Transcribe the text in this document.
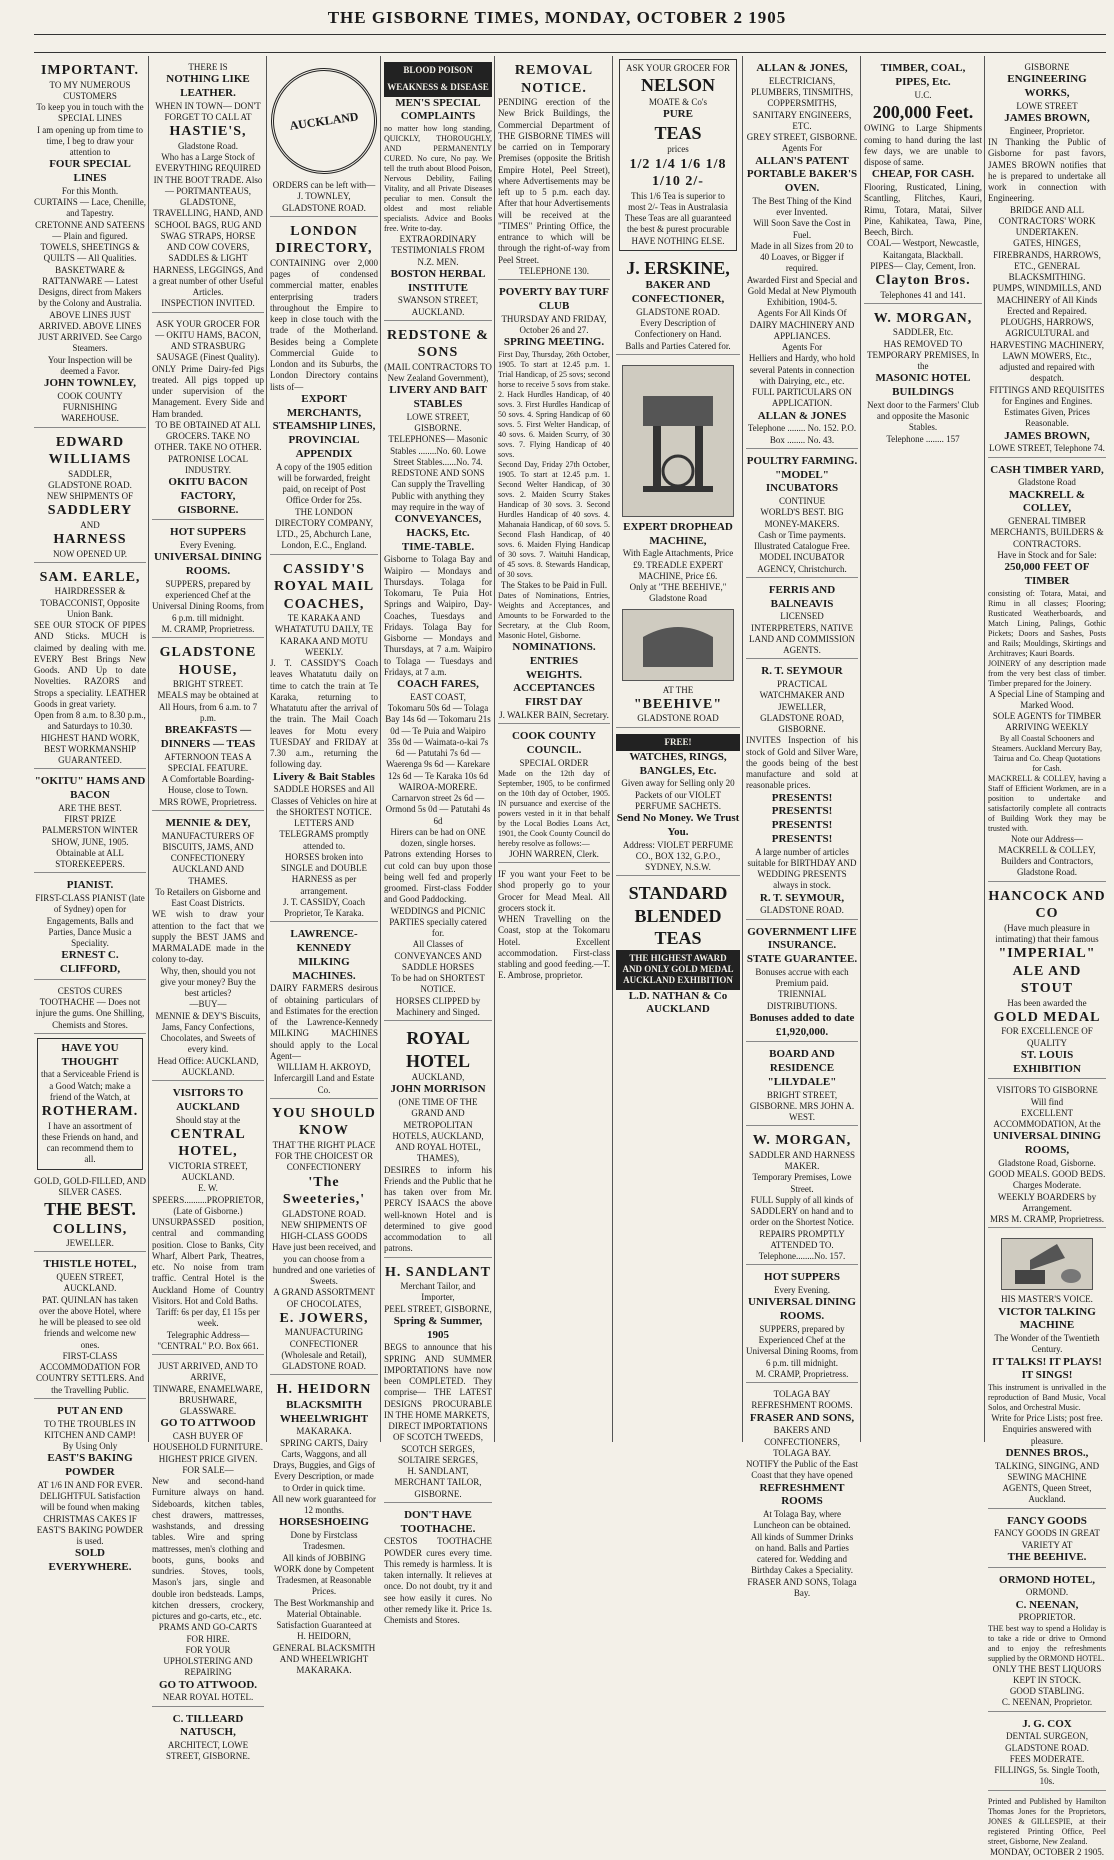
THE GISBORNE TIMES, MONDAY, OCTOBER 2 1905
IMPORTANT.
TO MY NUMEROUS CUSTOMERS
To keep you in touch with the SPECIAL LINES
I am opening up from time to time, I beg to draw your attention to
FOUR SPECIAL LINES
For this Month.
CURTAINS — Lace, Chenille, and Tapestry.
CRETONNE AND SATEENS — Plain and figured.
TOWELS, SHEETINGS & QUILTS — All Qualities.
BASKETWARE & RATTANWARE — Latest Designs, direct from Makers by the Colony and Australia.
ABOVE LINES JUST ARRIVED. ABOVE LINES JUST ARRIVED. See Cargo Steamers.
Your Inspection will be deemed a Favor.
JOHN TOWNLEY,
COOK COUNTY FURNISHING WAREHOUSE.
EDWARD WILLIAMS
SADDLER,
GLADSTONE ROAD.
NEW SHIPMENTS OF
SADDLERY
AND
HARNESS
NOW OPENED UP.
SAM. EARLE,
HAIRDRESSER & TOBACCONIST, Opposite Union Bank.
SEE OUR STOCK OF PIPES AND Sticks. MUCH is claimed by dealing with me. EVERY Best Brings New Goods. AND Up to date Novelties. RAZORS and Strops a speciality. LEATHER Goods in great variety.
Open from 8 a.m. to 8.30 p.m., and Saturdays to 10.30.
HIGHEST HAND WORK, BEST WORKMANSHIP GUARANTEED.
"OKITU" HAMS AND BACON
ARE THE BEST.
FIRST PRIZE PALMERSTON WINTER SHOW, JUNE, 1905.
Obtainable at ALL STOREKEEPERS.
PIANIST.
FIRST-CLASS PIANIST (late of Sydney) open for Engagements, Balls and Parties, Dance Music a Speciality.
ERNEST C. CLIFFORD,
CESTOS CURES TOOTHACHE — Does not injure the gums. One Shilling, Chemists and Stores.
HAVE YOU THOUGHT
that a Serviceable Friend is a Good Watch; make a friend of the Watch, at
ROTHERAM.
I have an assortment of these Friends on hand, and can recommend them to all.
GOLD, GOLD-FILLED, AND SILVER CASES.
THE BEST.
COLLINS,
JEWELLER.
THISTLE HOTEL,
QUEEN STREET, AUCKLAND.
PAT. QUINLAN has taken over the above Hotel, where he will be pleased to see old friends and welcome new ones.
FIRST-CLASS ACCOMMODATION FOR COUNTRY SETTLERS. And the Travelling Public.
PUT AN END
TO THE TROUBLES IN KITCHEN AND CAMP!
By Using Only
EAST'S BAKING POWDER
AT 1/6 IN AND FOR EVER.
DELIGHTFUL Satisfaction will be found when making CHRISTMAS CAKES IF EAST'S BAKING POWDER is used.
SOLD EVERYWHERE.
THERE IS
NOTHING LIKE LEATHER.
WHEN IN TOWN— DON'T FORGET TO CALL AT
HASTIE'S,
Gladstone Road.
Who has a Large Stock of EVERYTHING REQUIRED IN THE BOOT TRADE. Also— PORTMANTEAUS, GLADSTONE, TRAVELLING, HAND, AND SCHOOL BAGS, RUG AND SWAG STRAPS, HORSE AND COW COVERS, SADDLES & LIGHT HARNESS, LEGGINGS, And a great number of other Useful Articles.
INSPECTION INVITED.
ASK YOUR GROCER FOR— OKITU HAMS, BACON, AND STRASBURG SAUSAGE (Finest Quality).
ONLY Prime Dairy-fed Pigs treated. All pigs topped up under supervision of the Management. Every Side and Ham branded.
TO BE OBTAINED AT ALL GROCERS. TAKE NO OTHER. TAKE NO OTHER.
PATRONISE LOCAL INDUSTRY.
OKITU BACON FACTORY, GISBORNE.
HOT SUPPERS
Every Evening.
UNIVERSAL DINING ROOMS.
SUPPERS, prepared by experienced Chef at the Universal Dining Rooms, from 6 p.m. till midnight.
M. CRAMP, Proprietress.
GLADSTONE HOUSE,
BRIGHT STREET.
MEALS may be obtained at All Hours, from 6 a.m. to 7 p.m.
BREAKFASTS — DINNERS — TEAS
AFTERNOON TEAS A SPECIAL FEATURE.
A Comfortable Boarding-House, close to Town.
MRS ROWE, Proprietress.
MENNIE & DEY,
MANUFACTURERS OF BISCUITS, JAMS, AND CONFECTIONERY
AUCKLAND AND THAMES.
To Retailers on Gisborne and East Coast Districts.
WE wish to draw your attention to the fact that we supply the BEST JAMS and MARMALADE made in the colony to-day.
Why, then, should you not give your money? Buy the best articles?
—BUY—
MENNIE & DEY'S Biscuits, Jams, Fancy Confections, Chocolates, and Sweets of every kind.
Head Office: AUCKLAND, AUCKLAND.
VISITORS TO AUCKLAND
Should stay at the
CENTRAL HOTEL,
VICTORIA STREET, AUCKLAND.
E. W. SPEERS..........PROPRIETOR, (Late of Gisborne.)
UNSURPASSED position, central and commanding position. Close to Banks, City Wharf, Albert Park, Theatres, etc. No noise from tram traffic. Central Hotel is the Auckland Home of Country Visitors. Hot and Cold Baths.
Tariff: 6s per day, £1 15s per week.
Telegraphic Address— "CENTRAL" P.O. Box 661.
JUST ARRIVED, AND TO ARRIVE,
TINWARE, ENAMELWARE, BRUSHWARE, GLASSWARE.
GO TO ATTWOOD
CASH BUYER OF HOUSEHOLD FURNITURE.
HIGHEST PRICE GIVEN.
FOR SALE—
New and second-hand Furniture always on hand. Sideboards, kitchen tables, chest drawers, mattresses, washstands, and dressing tables. Wire and spring mattresses, men's clothing and boots, guns, books and sundries. Stoves, tools, Mason's jars, single and double iron bedsteads. Lamps, kitchen dressers, crockery, pictures and go-carts, etc., etc.
PRAMS AND GO-CARTS FOR HIRE.
FOR YOUR UPHOLSTERING AND REPAIRING
GO TO ATTWOOD.
NEAR ROYAL HOTEL.
C. TILLEARD NATUSCH,
ARCHITECT, LOWE STREET, GISBORNE.
AUCKLAND
ORDERS can be left with— J. TOWNLEY, GLADSTONE ROAD.
LONDON DIRECTORY,
CONTAINING over 2,000 pages of condensed commercial matter, enables enterprising traders throughout the Empire to keep in close touch with the trade of the Motherland. Besides being a Complete Commercial Guide to London and its Suburbs, the London Directory contains lists of—
EXPORT MERCHANTS,
STEAMSHIP LINES,
PROVINCIAL APPENDIX
A copy of the 1905 edition will be forwarded, freight paid, on receipt of Post Office Order for 25s.
THE LONDON DIRECTORY COMPANY, LTD., 25, Abchurch Lane, London, E.C., England.
CASSIDY'S ROYAL MAIL COACHES,
TE KARAKA AND WHATATUTU DAILY, TE KARAKA AND MOTU WEEKLY.
J. T. CASSIDY'S Coach leaves Whatatutu daily on time to catch the train at Te Karaka, returning to Whatatutu after the arrival of the train. The Mail Coach leaves for Motu every TUESDAY and FRIDAY at 7.30 a.m., returning the following day.
Livery & Bait Stables
SADDLE HORSES and All Classes of Vehicles on hire at the SHORTEST NOTICE.
LETTERS AND TELEGRAMS promptly attended to.
HORSES broken into SINGLE and DOUBLE HARNESS as per arrangement.
J. T. CASSIDY, Coach Proprietor, Te Karaka.
LAWRENCE-KENNEDY MILKING MACHINES.
DAIRY FARMERS desirous of obtaining particulars of and Estimates for the erection of the Lawrence-Kennedy MILKING MACHINES should apply to the Local Agent—
WILLIAM H. AKROYD, Infercargill Land and Estate Co.
YOU SHOULD KNOW
THAT THE RIGHT PLACE FOR THE CHOICEST OR CONFECTIONERY
'The Sweeteries,'
GLADSTONE ROAD.
NEW SHIPMENTS OF HIGH-CLASS GOODS
Have just been received, and you can choose from a hundred and one varieties of Sweets.
A GRAND ASSORTMENT OF CHOCOLATES,
E. JOWERS,
MANUFACTURING CONFECTIONER (Wholesale and Retail), GLADSTONE ROAD.
H. HEIDORN
BLACKSMITH
WHEELWRIGHT
MAKARAKA.
SPRING CARTS, Dairy Carts, Waggons, and all Drays, Buggies, and Gigs of Every Description, or made to Order in quick time.
All new work guaranteed for 12 months.
HORSESHOEING
Done by Firstclass Tradesmen.
All kinds of JOBBING WORK done by Competent Tradesmen, at Reasonable Prices.
The Best Workmanship and Material Obtainable. Satisfaction Guaranteed at
H. HEIDORN,
GENERAL BLACKSMITH AND WHEELWRIGHT MAKARAKA.
BLOOD POISON
WEAKNESS & DISEASE
MEN'S SPECIAL COMPLAINTS
no matter how long standing, QUICKLY, THOROUGHLY, AND PERMANENTLY CURED. No cure, No pay. We tell the truth about Blood Poison, Nervous Debility, Failing Vitality, and all Private Diseases peculiar to men. Consult the oldest and most reliable specialists. Advice and Books free. Write to-day.
EXTRAORDINARY TESTIMONIALS FROM N.Z. MEN.
BOSTON HERBAL INSTITUTE
SWANSON STREET, AUCKLAND.
REDSTONE & SONS
(MAIL CONTRACTORS TO New Zealand Government),
LIVERY AND BAIT STABLES
LOWE STREET, GISBORNE.
TELEPHONES— Masonic Stables ........No. 60. Lowe Street Stables......No. 74.
REDSTONE AND SONS
Can supply the Travelling Public with anything they may require in the way of
CONVEYANCES, HACKS, Etc.
TIME-TABLE.
Gisborne to Tolaga Bay and Waipiro — Mondays and Thursdays. Tolaga for Tokomaru, Te Puia Hot Springs and Waipiro, Day-Coaches, Tuesdays and Fridays. Tolaga Bay for Gisborne — Mondays and Thursdays, at 7 a.m. Waipiro to Tolaga — Tuesdays and Fridays, at 7 a.m.
COACH FARES,
EAST COAST,
Tokomaru 50s 6d — Tolaga Bay 14s 6d — Tokomaru 21s 0d — Te Puia and Waipiro 35s 0d — Waimata-o-kai 7s 6d — Patutahi 7s 6d — Waerenga 9s 6d — Karekare 12s 6d — Te Karaka 10s 6d
WAIROA-MORERE.
Carnarvon street 2s 6d — Ormond 5s 0d — Patutahi 4s 6d
Hirers can be had on ONE dozen, single horses.
Patrons extending Horses to cut cold can buy upon those being well fed and properly groomed. First-class Fodder and Good Paddocking.
WEDDINGS and PICNIC PARTIES specially catered for.
All Classes of CONVEYANCES AND SADDLE HORSES
To be had on SHORTEST NOTICE.
HORSES CLIPPED by Machinery and Singed.
ROYAL HOTEL
AUCKLAND,
JOHN MORRISON
(ONE TIME OF THE GRAND AND METROPOLITAN HOTELS, AUCKLAND, AND ROYAL HOTEL, THAMES),
DESIRES to inform his Friends and the Public that he has taken over from Mr. PERCY ISAACS the above well-known Hotel and is determined to give good accommodation to all patrons.
H. SANDLANT
Merchant Tailor, and Importer,
PEEL STREET, GISBORNE,
Spring & Summer, 1905
BEGS to announce that his SPRING AND SUMMER IMPORTATIONS have now been COMPLETED. They comprise— THE LATEST DESIGNS PROCURABLE IN THE HOME MARKETS,
DIRECT IMPORTATIONS OF SCOTCH TWEEDS, SCOTCH SERGES, SOLTAIRE SERGES,
H. SANDLANT, MERCHANT TAILOR, GISBORNE.
DON'T HAVE TOOTHACHE.
CESTOS TOOTHACHE POWDER cures every time. This remedy is harmless. It is taken internally. It relieves at once. Do not doubt, try it and see how easily it cures. No other remedy like it. Price 1s. Chemists and Stores.
REMOVAL NOTICE.
PENDING erection of the New Brick Buildings, the Commercial Department of THE GISBORNE TIMES will be carried on in Temporary Premises (opposite the British Empire Hotel, Peel Street), where Advertisements may be left up to 5 p.m. each day. After that hour Advertisements will be received at the "TIMES" Printing Office, the entrance to which will be through the right-of-way from Peel Street.
TELEPHONE 130.
POVERTY BAY TURF CLUB
THURSDAY AND FRIDAY, October 26 and 27.
SPRING MEETING.
First Day, Thursday, 26th October, 1905. To start at 12.45 p.m. 1. Trial Handicap, of 25 sovs; second horse to receive 5 sovs from stake. 2. Hack Hurdles Handicap, of 40 sovs. 3. First Hurdles Handicap of 50 sovs. 4. Spring Handicap of 60 sovs. 5. First Welter Handicap, of 40 sovs. 6. Maiden Scurry, of 30 sovs. 7. Flying Handicap of 40 sovs.
Second Day, Friday 27th October, 1905. To start at 12.45 p.m. 1. Second Welter Handicap, of 30 sovs. 2. Maiden Scurry Stakes Handicap of 30 sovs. 3. Second Hurdles Handicap of 40 sovs. 4. Mahanaia Handicap, of 60 sovs. 5. Second Flash Handicap, of 40 sovs. 6. Maiden Flying Handicap of 30 sovs. 7. Waituhi Handicap, of 45 sovs. 8. Stewards Handicap, of 30 sovs.
The Stakes to be Paid in Full.
Dates of Nominations, Entries, Weights and Acceptances, and Amounts to be Forwarded to the Secretary, at the Club Room, Masonic Hotel, Gisborne.
NOMINATIONS.
ENTRIES
WEIGHTS.
ACCEPTANCES FIRST DAY
J. WALKER BAIN, Secretary.
COOK COUNTY COUNCIL.
SPECIAL ORDER
Made on the 12th day of September, 1905, to be confirmed on the 10th day of October, 1905. IN pursuance and exercise of the powers vested in it in that behalf by the Local Bodies Loans Act, 1901, the Cook County Council do hereby resolve as follows:—
JOHN WARREN, Clerk.
IF you want your Feet to be shod properly go to your Grocer for Mead Meal. All grocers stock it.
WHEN Travelling on the Coast, stop at the Tokomaru Hotel. Excellent accommodation. First-class stabling and good feeding.—T. E. Ambrose, proprietor.
ASK YOUR GROCER FOR
NELSON
MOATE & Co's
PURE
TEAS
prices
1/2 1/4 1/6 1/8 1/10 2/-
This 1/6 Tea is superior to most 2/- Teas in Australasia
These Teas are all guaranteed the best & purest procurable HAVE NOTHING ELSE.
J. ERSKINE,
BAKER AND CONFECTIONER,
GLADSTONE ROAD.
Every Description of Confectionery on Hand.
Balls and Parties Catered for.
EXPERT DROPHEAD MACHINE,
With Eagle Attachments, Price £9. TREADLE EXPERT MACHINE, Price £6.
Only at "THE BEEHIVE,"
Gladstone Road
AT THE
"BEEHIVE"
GLADSTONE ROAD
FREE!
WATCHES, RINGS, BANGLES, Etc.
Given away for Selling only 20 Packets of our VIOLET PERFUME SACHETS.
Send No Money. We Trust You.
Address: VIOLET PERFUME CO., BOX 132, G.P.O., SYDNEY, N.S.W.
STANDARD
BLENDED
TEAS
THE HIGHEST AWARD AND ONLY GOLD MEDAL AUCKLAND EXHIBITION
L.D. NATHAN & Co AUCKLAND
ALLAN & JONES,
ELECTRICIANS, PLUMBERS, TINSMITHS, COPPERSMITHS, SANITARY ENGINEERS, ETC.
GREY STREET, GISBORNE.
Agents For
ALLAN'S PATENT PORTABLE BAKER'S OVEN.
The Best Thing of the Kind ever Invented.
Will Soon Save the Cost in Fuel.
Made in all Sizes from 20 to 40 Loaves, or Bigger if required.
Awarded First and Special and Gold Medal at New Plymouth Exhibition, 1904-5.
Agents For All Kinds Of DAIRY MACHINERY AND APPLIANCES.
Agents For
Helliers and Hardy, who hold several Patents in connection with Dairying, etc., etc.
FULL PARTICULARS ON APPLICATION.
ALLAN & JONES
Telephone ........ No. 152. P.O. Box ........ No. 43.
POULTRY FARMING.
"MODEL" INCUBATORS
CONTINUE
WORLD'S BEST. BIG MONEY-MAKERS.
Cash or Time payments. Illustrated Catalogue Free.
MODEL INCUBATOR AGENCY, Christchurch.
FERRIS AND BALNEAVIS
LICENSED INTERPRETERS, NATIVE LAND AND COMMISSION AGENTS.
R. T. SEYMOUR
PRACTICAL WATCHMAKER AND JEWELLER,
GLADSTONE ROAD, GISBORNE.
INVITES Inspection of his stock of Gold and Silver Ware, the goods being of the best manufacture and sold at reasonable prices.
PRESENTS! PRESENTS! PRESENTS! PRESENTS!
A large number of articles suitable for BIRTHDAY AND WEDDING PRESENTS always in stock.
R. T. SEYMOUR,
GLADSTONE ROAD.
GOVERNMENT LIFE INSURANCE.
STATE GUARANTEE.
Bonuses accrue with each Premium paid.
TRIENNIAL DISTRIBUTIONS.
Bonuses added to date £1,920,000.
BOARD AND RESIDENCE
"LILYDALE"
BRIGHT STREET, GISBORNE. MRS JOHN A. WEST.
W. MORGAN,
SADDLER AND HARNESS MAKER.
Temporary Premises, Lowe Street.
FULL Supply of all kinds of SADDLERY on hand and to order on the Shortest Notice.
REPAIRS PROMPTLY ATTENDED TO.
Telephone........No. 157.
HOT SUPPERS
Every Evening.
UNIVERSAL DINING ROOMS.
SUPPERS, prepared by Experienced Chef at the Universal Dining Rooms, from 6 p.m. till midnight.
M. CRAMP, Proprietress.
TOLAGA BAY REFRESHMENT ROOMS.
FRASER AND SONS,
BAKERS AND CONFECTIONERS, TOLAGA BAY.
NOTIFY the Public of the East Coast that they have opened
REFRESHMENT ROOMS
At Tolaga Bay, where Luncheon can be obtained.
All kinds of Summer Drinks on hand. Balls and Parties catered for. Wedding and Birthday Cakes a Speciality.
FRASER AND SONS, Tolaga Bay.
TIMBER, COAL, PIPES, Etc.
U.C.
200,000 Feet.
OWING to Large Shipments coming to hand during the last few days, we are unable to dispose of same.
CHEAP, FOR CASH.
Flooring, Rusticated, Lining, Scantling, Flitches, Kauri, Rimu, Totara, Matai, Silver Pine, Kahikatea, Tawa, Pine, Beech, Birch.
COAL— Westport, Newcastle, Kaitangata, Blackball.
PIPES— Clay, Cement, Iron.
Clayton Bros.
Telephones 41 and 141.
W. MORGAN,
SADDLER, Etc.
HAS REMOVED TO TEMPORARY PREMISES, In the
MASONIC HOTEL BUILDINGS
Next door to the Farmers' Club and opposite the Masonic Stables.
Telephone ........ 157
GISBORNE
ENGINEERING WORKS,
LOWE STREET
JAMES BROWN,
Engineer, Proprietor.
IN Thanking the Public of Gisborne for past favors, JAMES BROWN notifies that he is prepared to undertake all work in connection with Engineering.
BRIDGE AND ALL CONTRACTORS' WORK UNDERTAKEN.
GATES, HINGES, FIREBRANDS, HARROWS, ETC., GENERAL BLACKSMITHING.
PUMPS, WINDMILLS, AND MACHINERY of All Kinds Erected and Repaired.
PLOUGHS, HARROWS, AGRICULTURAL and HARVESTING MACHINERY, LAWN MOWERS, Etc., adjusted and repaired with despatch.
FITTINGS AND REQUISITES for Engines and Engines.
Estimates Given, Prices Reasonable.
JAMES BROWN,
LOWE STREET, Telephone 74.
CASH TIMBER YARD,
Gladstone Road
MACKRELL & COLLEY,
GENERAL TIMBER MERCHANTS, BUILDERS & CONTRACTORS.
Have in Stock and for Sale:
250,000 FEET OF TIMBER
consisting of: Totara, Matai, and Rimu in all classes; Flooring; Rusticated Weatherboards, and Match Lining, Palings, Gothic Pickets; Doors and Sashes, Posts and Rails; Mouldings, Skirtings and Architraves; Kauri Boards.
JOINERY of any description made from the very best class of timber. Timber prepared for the Joinery.
A Special Line of Stamping and Marked Wood.
SOLE AGENTS for TIMBER ARRIVING WEEKLY
By all Coastal Schooners and Steamers. Auckland Mercury Bay, Tairua and Co. Cheap Quotations for Cash.
MACKRELL & COLLEY, having a Staff of Efficient Workmen, are in a position to undertake and satisfactorily complete all contracts of Building Work they may be trusted with.
Note our Address—
MACKRELL & COLLEY, Builders and Contractors, Gladstone Road.
HANCOCK AND CO
(Have much pleasure in intimating) that their famous
"IMPERIAL"
ALE AND STOUT
Has been awarded the
GOLD MEDAL
FOR EXCELLENCE OF QUALITY
ST. LOUIS EXHIBITION
VISITORS TO GISBORNE Will find
EXCELLENT ACCOMMODATION, At the
UNIVERSAL DINING ROOMS,
Gladstone Road, Gisborne.
GOOD MEALS. GOOD BEDS.
Charges Moderate.
WEEKLY BOARDERS by Arrangement.
MRS M. CRAMP, Proprietress.
HIS MASTER'S VOICE.
VICTOR TALKING MACHINE
The Wonder of the Twentieth Century.
IT TALKS! IT PLAYS! IT SINGS!
This instrument is unrivalled in the reproduction of Band Music, Vocal Solos, and Orchestral Music.
Write for Price Lists; post free. Enquiries answered with pleasure.
DENNES BROS.,
TALKING, SINGING, AND SEWING MACHINE AGENTS, Queen Street, Auckland.
FANCY GOODS
FANCY GOODS IN GREAT VARIETY AT
THE BEEHIVE.
ORMOND HOTEL,
ORMOND.
C. NEENAN,
PROPRIETOR.
THE best way to spend a Holiday is to take a ride or drive to Ormond and to enjoy the refreshments supplied by the ORMOND HOTEL.
ONLY THE BEST LIQUORS KEPT IN STOCK.
GOOD STABLING.
C. NEENAN, Proprietor.
J. G. COX
DENTAL SURGEON,
GLADSTONE ROAD.
FEES MODERATE.
FILLINGS, 5s. Single Tooth, 10s.
Printed and Published by Hamilton Thomas Jones for the Proprietors, JONES & GILLESPIE, at their registered Printing Office, Peel street, Gisborne, New Zealand.
MONDAY, OCTOBER 2 1905.
